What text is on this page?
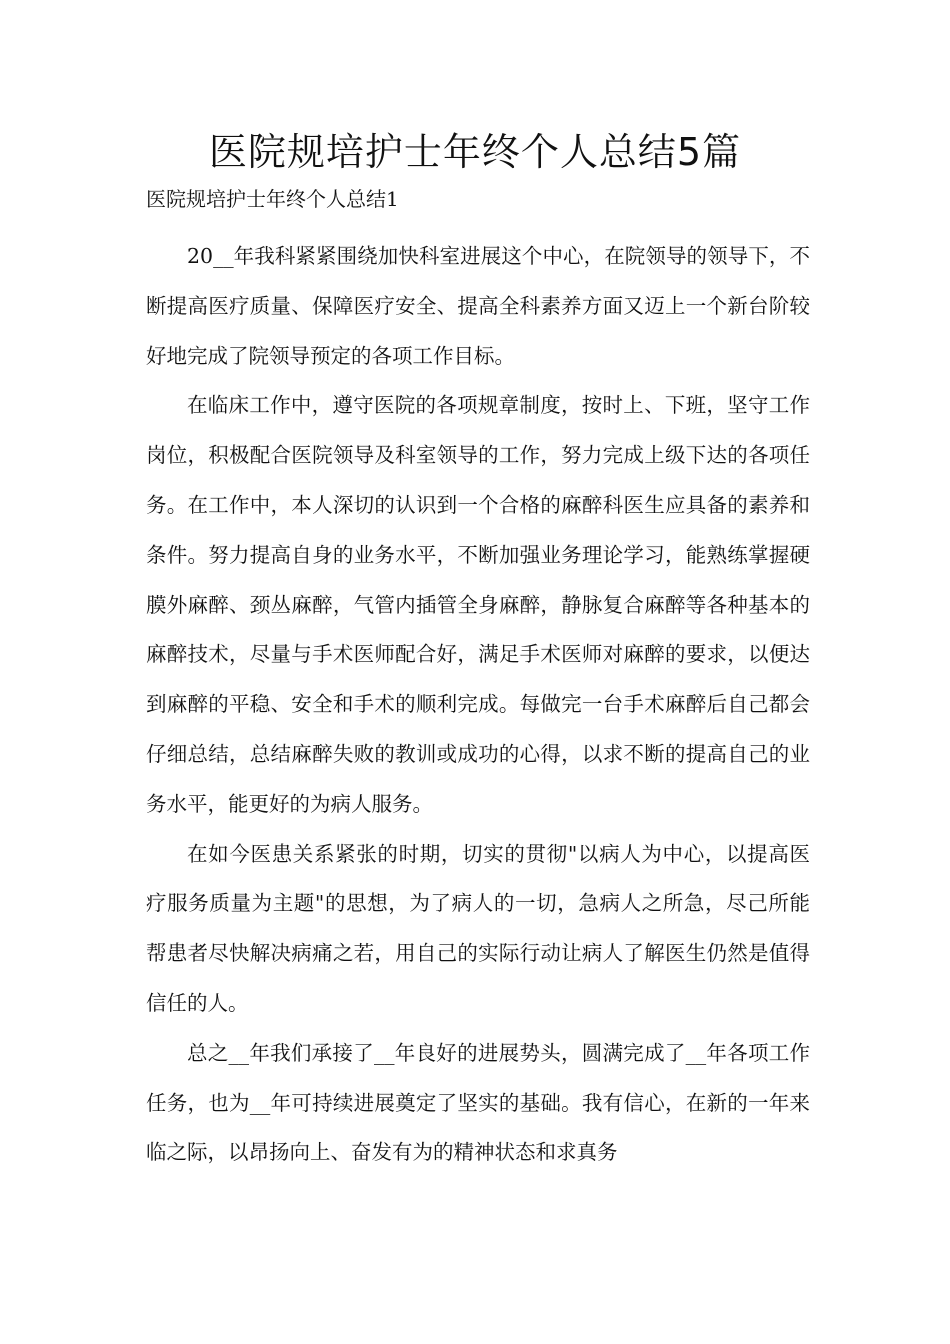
医院规培护士年终个人总结5篇
医院规培护士年终个人总结1

20__年我科紧紧围绕加快科室进展这个中心，在院领导的领导下，不断提高医疗质量、保障医疗安全、提高全科素养方面又迈上一个新台阶较好地完成了院领导预定的各项工作目标。

在临床工作中，遵守医院的各项规章制度，按时上、下班，坚守工作岗位，积极配合医院领导及科室领导的工作，努力完成上级下达的各项任务。在工作中，本人深切的认识到一个合格的麻醉科医生应具备的素养和条件。努力提高自身的业务水平，不断加强业务理论学习，能熟练掌握硬膜外麻醉、颈丛麻醉，气管内插管全身麻醉，静脉复合麻醉等各种基本的麻醉技术，尽量与手术医师配合好，满足手术医师对麻醉的要求，以便达到麻醉的平稳、安全和手术的顺利完成。每做完一台手术麻醉后自己都会仔细总结，总结麻醉失败的教训或成功的心得，以求不断的提高自己的业务水平，能更好的为病人服务。

在如今医患关系紧张的时期，切实的贯彻"以病人为中心，以提高医疗服务质量为主题"的思想，为了病人的一切，急病人之所急，尽己所能帮患者尽快解决病痛之若，用自己的实际行动让病人了解医生仍然是值得信任的人。

总之__年我们承接了__年良好的进展势头，圆满完成了__年各项工作任务，也为__年可持续进展奠定了坚实的基础。我有信心，在新的一年来临之际，以昂扬向上、奋发有为的精神状态和求真务
